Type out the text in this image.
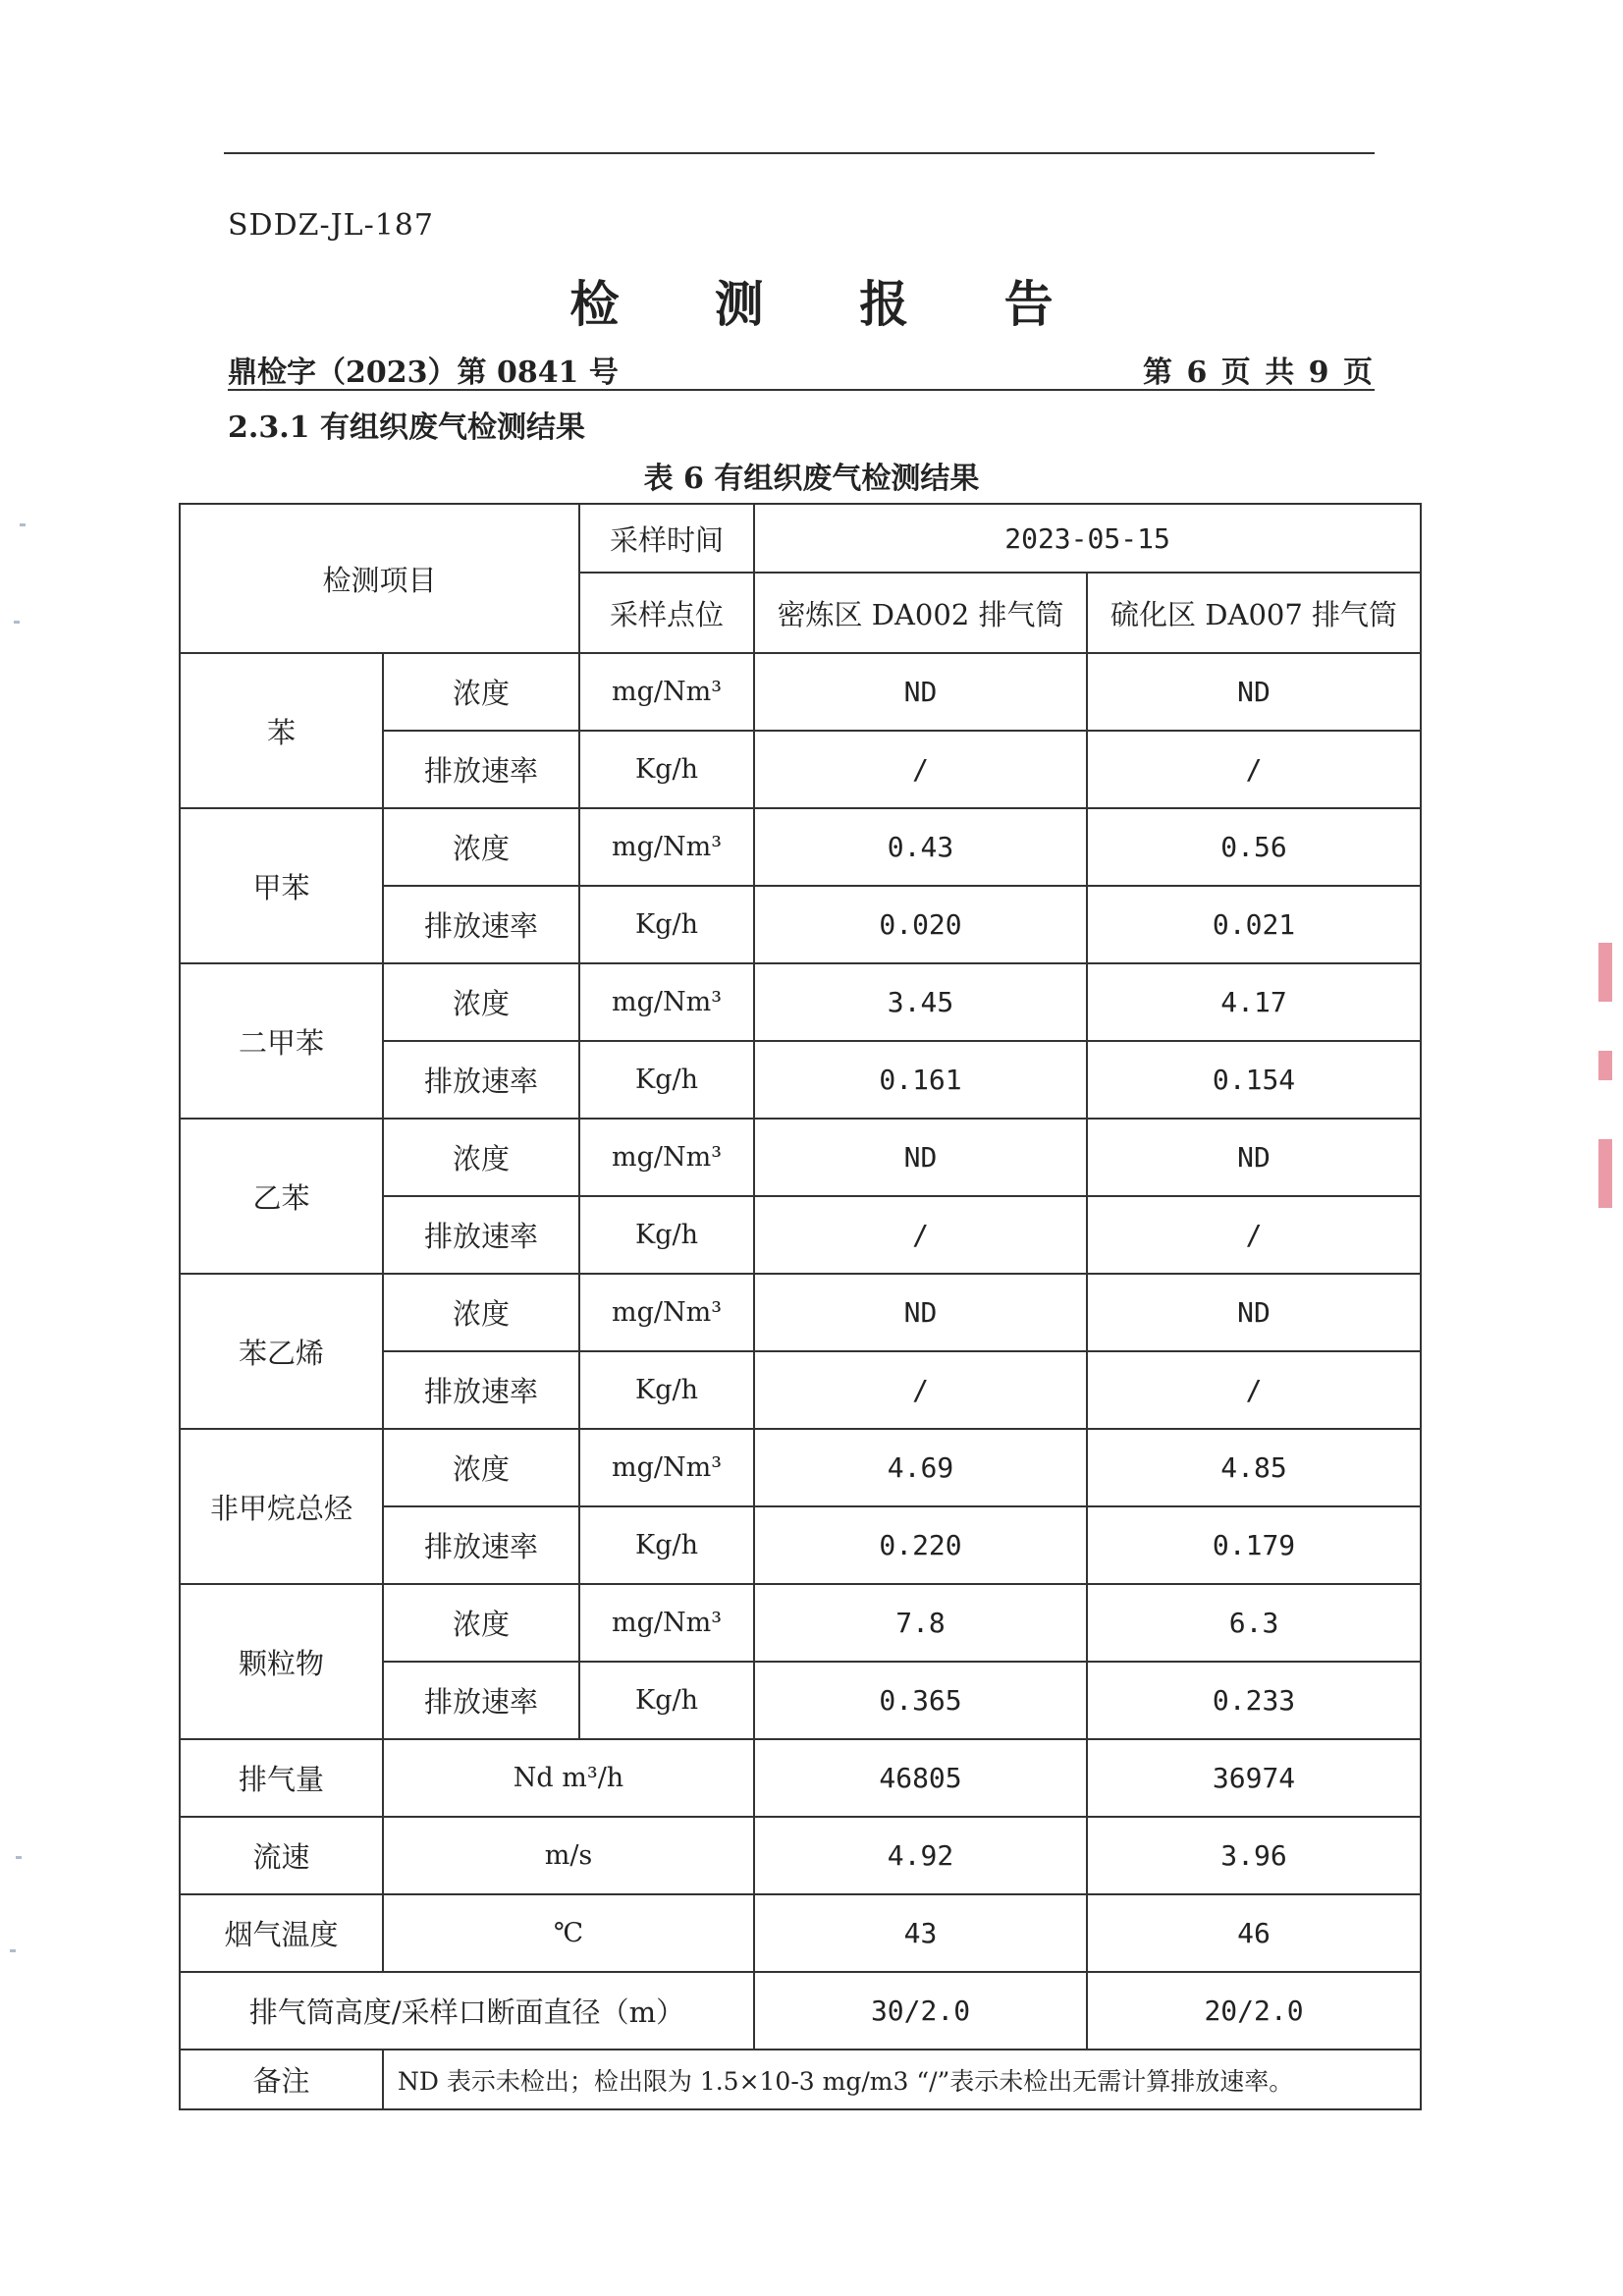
SDDZ-JL-187
检 测 报 告
鼎检字（2023）第 0841 号	第 6 页 共 9 页
2.3.1 有组织废气检测结果
表 6 有组织废气检测结果
检测项目		采样时间	2023-05-15	
		采样点位	密炼区 DA002 排气筒	硫化区 DA007 排气筒
苯	浓度	mg/Nm³	ND	ND
	排放速率	Kg/h	/	/
甲苯	浓度	mg/Nm³	0.43	0.56
	排放速率	Kg/h	0.020	0.021
二甲苯	浓度	mg/Nm³	3.45	4.17
	排放速率	Kg/h	0.161	0.154
乙苯	浓度	mg/Nm³	ND	ND
	排放速率	Kg/h	/	/
苯乙烯	浓度	mg/Nm³	ND	ND
	排放速率	Kg/h	/	/
非甲烷总烃	浓度	mg/Nm³	4.69	4.85
	排放速率	Kg/h	0.220	0.179
颗粒物	浓度	mg/Nm³	7.8	6.3
	排放速率	Kg/h	0.365	0.233
排气量	Nd m³/h		46805	36974
流速	m/s		4.92	3.96
烟气温度	℃		43	46
排气筒高度/采样口断面直径（m）			30/2.0	20/2.0
备注	ND 表示未检出；检出限为 1.5×10-3 mg/m3 “/”表示未检出无需计算排放速率。			
